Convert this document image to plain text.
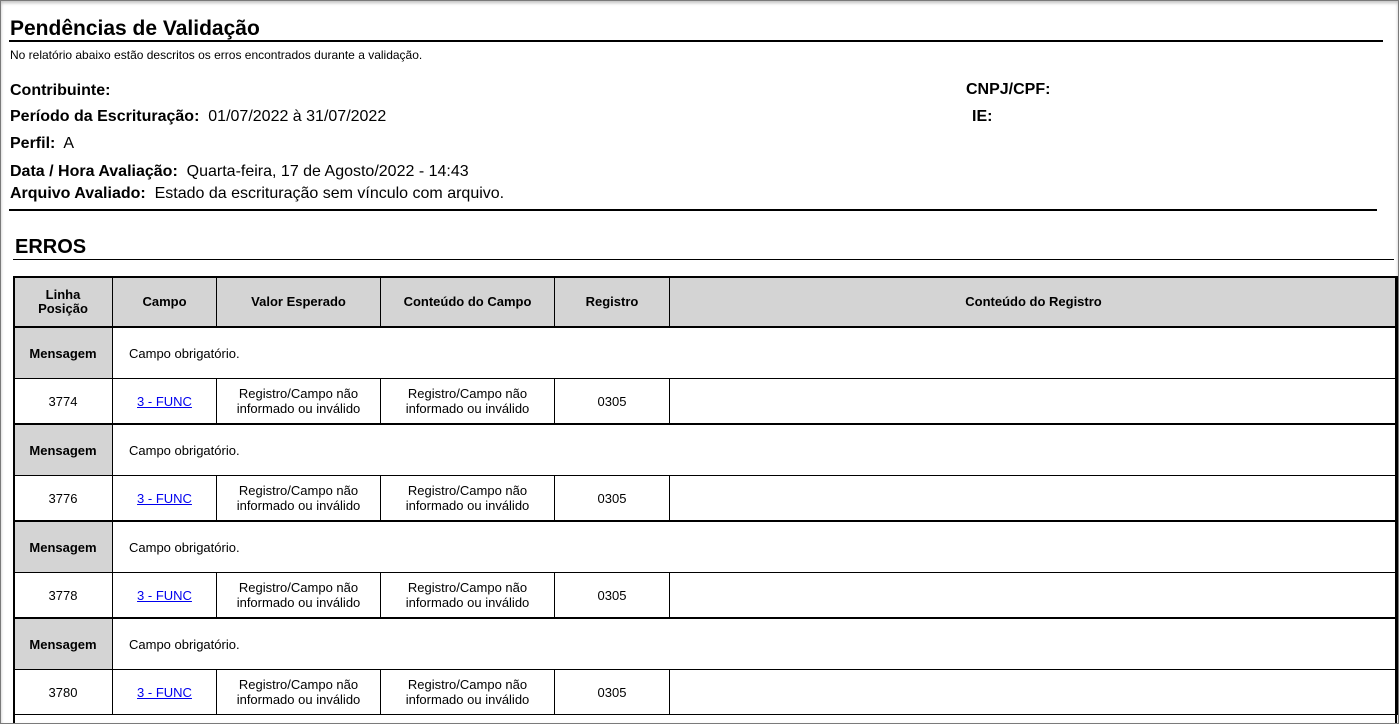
Pendências de Validação
No relatório abaixo estão descritos os erros encontrados durante a validação.
Contribuinte:	CNPJ/CPF:
Período da Escrituração: 01/07/2022 à 31/07/2022	IE:
Perfil: A
Data / Hora Avaliação: Quarta-feira, 17 de Agosto/2022 - 14:43
Arquivo Avaliado: Estado da escrituração sem vínculo com arquivo.
ERROS
Linha
Posição	Campo	Valor Esperado	Conteúdo do Campo	Registro	Conteúdo do Registro
Mensagem	Campo obrigatório.				
3774	3 - FUNC	Registro/Campo não
informado ou inválido	Registro/Campo não
informado ou inválido	0305	
Mensagem	Campo obrigatório.				
3776	3 - FUNC	Registro/Campo não
informado ou inválido	Registro/Campo não
informado ou inválido	0305	
Mensagem	Campo obrigatório.				
3778	3 - FUNC	Registro/Campo não
informado ou inválido	Registro/Campo não
informado ou inválido	0305	
Mensagem	Campo obrigatório.				
3780	3 - FUNC	Registro/Campo não
informado ou inválido	Registro/Campo não
informado ou inválido	0305	
